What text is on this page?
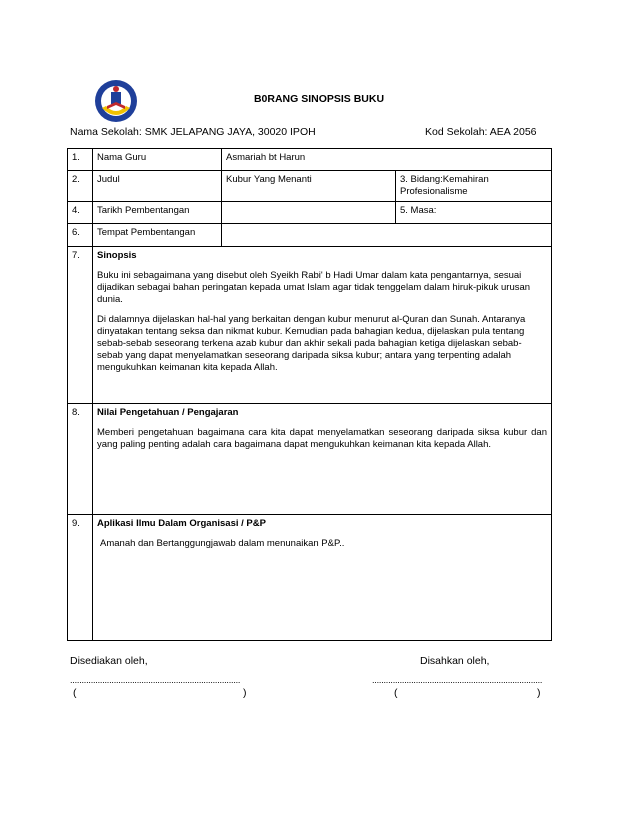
B0RANG SINOPSIS BUKU
Nama Sekolah: SMK JELAPANG JAYA, 30020 IPOH	Kod Sekolah: AEA 2056
1.	Nama Guru	Asmariah bt Harun	
2.	Judul	Kubur Yang Menanti	3. Bidang:Kemahiran Profesionalisme
4.	Tarikh Pembentangan		5. Masa:
6.	Tempat Pembentangan		
7.	Sinopsis

Buku ini sebagaimana yang disebut oleh Syeikh Rabi' b Hadi Umar dalam kata pengantarnya, sesuai dijadikan sebagai bahan peringatan kepada umat Islam agar tidak tenggelam dalam hiruk-pikuk urusan dunia.

Di dalamnya dijelaskan hal-hal yang berkaitan dengan kubur menurut al-Quran dan Sunah. Antaranya dinyatakan tentang seksa dan nikmat kubur. Kemudian pada bahagian kedua, dijelaskan pula tentang sebab-sebab seseorang terkena azab kubur dan akhir sekali pada bahagian ketiga dijelaskan sebab-sebab yang dapat menyelamatkan seseorang daripada siksa kubur; antara yang terpenting adalah mengukuhkan keimanan kita kepada Allah.		

8.	Nilai Pengetahuan / Pengajaran

Memberi pengetahuan bagaimana cara kita dapat menyelamatkan seseorang daripada siksa kubur dan yang paling penting adalah cara bagaimana dapat mengukuhkan keimanan kita kepada Allah.		

9.	Aplikasi Ilmu Dalam Organisasi / P&P

Amanah dan Bertanggungjawab dalam menunaikan P&P..		

Disediakan oleh,	Disahkan oleh,
..........................................................................
(	)
..........................................................................
(	)
